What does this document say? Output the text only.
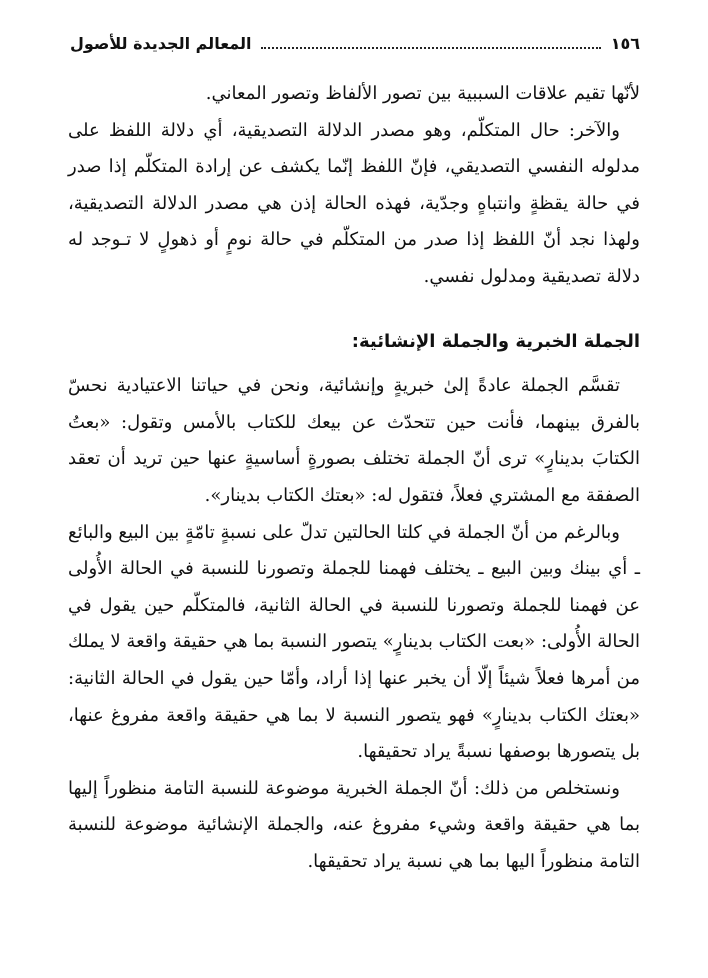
١٥٦
المعالم الجديدة للأصول

لأنّها تقيم علاقات السببية بين تصور الألفاظ وتصور المعاني.

والآخر: حال المتكلّم، وهو مصدر الدلالة التصديقية، أي دلالة اللفظ على مدلوله النفسي التصديقي، فإنّ اللفظ إنّما يكشف عن إرادة المتكلّم إذا صدر في حالة يقظةٍ وانتباهٍ وجدّية، فهذه الحالة إذن هي مصدر الدلالة التصديقية، ولهذا نجد أنّ اللفظ إذا صدر من المتكلّم في حالة نومٍ أو ذهولٍ لا تـوجد له دلالة تصديقية ومدلول نفسي.

الجملة الخبرية والجملة الإنشائية:

تقسَّم الجملة عادةً إلىٰ خبريةٍ وإنشائية، ونحن في حياتنا الاعتيادية نحسّ بالفرق بينهما، فأنت حين تتحدّث عن بيعك للكتاب بالأمس وتقول: «بعتُ الكتابَ بدينارٍ» ترى أنّ الجملة تختلف بصورةٍ أساسيةٍ عنها حين تريد أن تعقد الصفقة مع المشتري فعلاً، فتقول له: «بعتك الكتاب بدينار».

وبالرغم من أنّ الجملة في كلتا الحالتين تدلّ على نسبةٍ تامّةٍ بين البيع والبائع ـ أي بينك وبين البيع ـ يختلف فهمنا للجملة وتصورنا للنسبة في الحالة الأُولى عن فهمنا للجملة وتصورنا للنسبة في الحالة الثانية، فالمتكلّم حين يقول في الحالة الأُولى: «بعت الكتاب بدينارٍ» يتصور النسبة بما هي حقيقة واقعة لا يملك من أمرها فعلاً شيئاً إلّا أن يخبر عنها إذا أراد، وأمّا حين يقول في الحالة الثانية: «بعتك الكتاب بدينارٍ» فهو يتصور النسبة لا بما هي حقيقة واقعة مفروغ عنها، بل يتصورها بوصفها نسبةً يراد تحقيقها.

ونستخلص من ذلك: أنّ الجملة الخبرية موضوعة للنسبة التامة منظوراً إليها بما هي حقيقة واقعة وشيء مفروغ عنه، والجملة الإنشائية موضوعة للنسبة التامة منظوراً اليها بما هي نسبة يراد تحقيقها.
